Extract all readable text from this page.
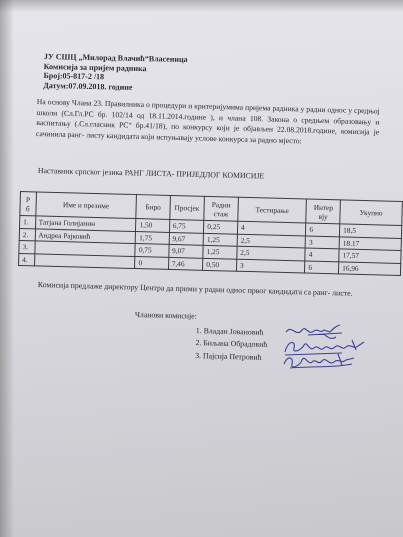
ЈУ СШЦ „Милорад Влачић“Власеница
Комисија за пријем радника
Број:05-817-2 /18
Датум:07.09.2018. године
На основу Члана 23. Правилника о процедури и критеријумима пријема радника у радни однос у средњој школи (Сл.Гл.РС бр. 102/14 од 18.11.2014.године ), и члана 108. Закона о средњем образовању и васпитању (.Сл.гласник РС“ бр.41/18), по конкурсу који је објављен 22.08.2018.године, комисија је сачинила ранг- листу кандидата који испуњавају услове конкурса за радно мјесто:
Наставник српског језика РАНГ ЛИСТА- ПРИЈЕДЛОГ КОМИСИЈЕ
Р б	Име и презиме	Биро	Просјек	Радни стаж	Тестирање	Интер вју	Укупно
1.	Татјана Голијанин	1,50	6,75	0,25	4	6	18,5
2.	Андреа Рајковић	1,75	9,67	1,25	2,5	3	18.17
3.		0,75	9,07	1,25	2,5	4	17,57
4.		0	7,46	0,50	3	6	16,96
Комисија предлаже директору Центра да прими у радни однос првог кандидата са ранг- листе.
Чланови комисије:
1. Владан Јовановић
2. Биљана Обрадовић
3. Пајсија Петровић
